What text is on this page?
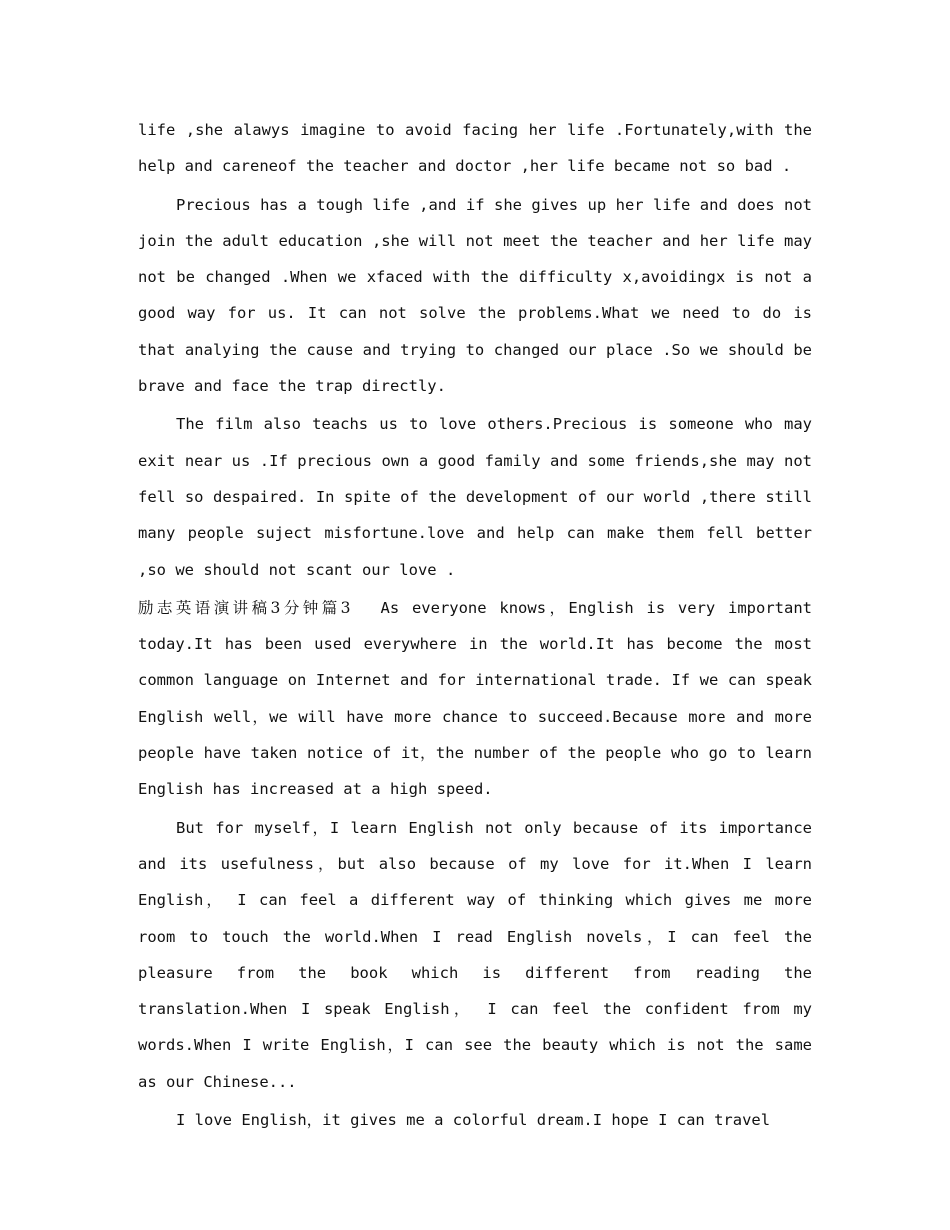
life ,she alawys imagine to avoid facing her life .Fortunately,with the help and careneof the teacher and doctor ,her life became not so bad .

Precious has a tough life ,and if she gives up her life and does not join the adult education ,she will not meet the teacher and her life may not be changed .When we xfaced with the difficulty x,avoidingx is not a good way for us. It can not solve the problems.What we need to do is that analying the cause and trying to changed our place .So we should be brave and face the trap directly.

The film also teachs us to love others.Precious is someone who may exit near us .If precious own a good family and some friends,she may not fell so despaired. In spite of the development of our world ,there still many people suject misfortune.love and help can make them fell better ,so we should not scant our love .

励志英语演讲稿3分钟篇3 As everyone knows，English is very important today.It has been used everywhere in the world.It has become the most common language on Internet and for international trade. If we can speak English well，we will have more chance to succeed.Because more and more people have taken notice of it，the number of the people who go to learn English has increased at a high speed.

But for myself，I learn English not only because of its importance and its usefulness，but also because of my love for it.When I learn English， I can feel a different way of thinking which gives me more room to touch the world.When I read English novels，I can feel the pleasure from the book which is different from reading the translation.When I speak English， I can feel the confident from my words.When I write English，I can see the beauty which is not the same as our Chinese...

I love English，it gives me a colorful dream.I hope I can travel
